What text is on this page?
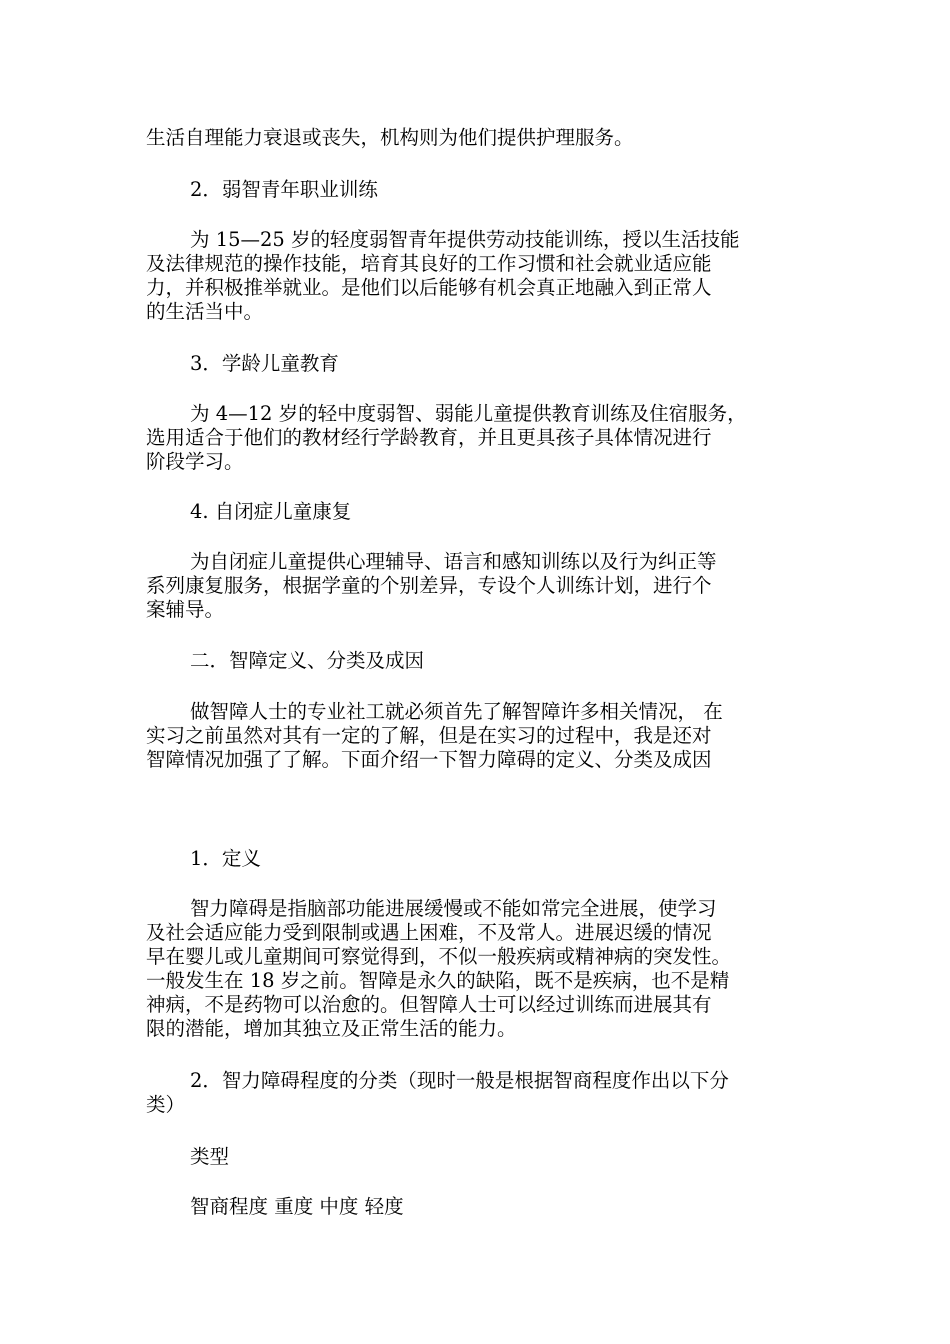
生活自理能力衰退或丧失，机构则为他们提供护理服务。

2．弱智青年职业训练

为 15—25 岁的轻度弱智青年提供劳动技能训练，授以生活技能
及法律规范的操作技能，培育其良好的工作习惯和社会就业适应能
力，并积极推举就业。是他们以后能够有机会真正地融入到正常人
的生活当中。

3．学龄儿童教育

为 4—12 岁的轻中度弱智、弱能儿童提供教育训练及住宿服务，
选用适合于他们的教材经行学龄教育，并且更具孩子具体情况进行
阶段学习。

4. 自闭症儿童康复

为自闭症儿童提供心理辅导、语言和感知训练以及行为纠正等
系列康复服务，根据学童的个别差异，专设个人训练计划，进行个
案辅导。

二．智障定义、分类及成因

做智障人士的专业社工就必须首先了解智障许多相关情况， 在
实习之前虽然对其有一定的了解，但是在实习的过程中，我是还对
智障情况加强了了解。下面介绍一下智力障碍的定义、分类及成因

1．定义

智力障碍是指脑部功能进展缓慢或不能如常完全进展，使学习
及社会适应能力受到限制或遇上困难，不及常人。进展迟缓的情况
早在婴儿或儿童期间可察觉得到，不似一般疾病或精神病的突发性。
一般发生在 18 岁之前。智障是永久的缺陷，既不是疾病，也不是精
神病，不是药物可以治愈的。但智障人士可以经过训练而进展其有
限的潜能，增加其独立及正常生活的能力。

2．智力障碍程度的分类（现时一般是根据智商程度作出以下分
类）

类型

智商程度 重度 中度 轻度
